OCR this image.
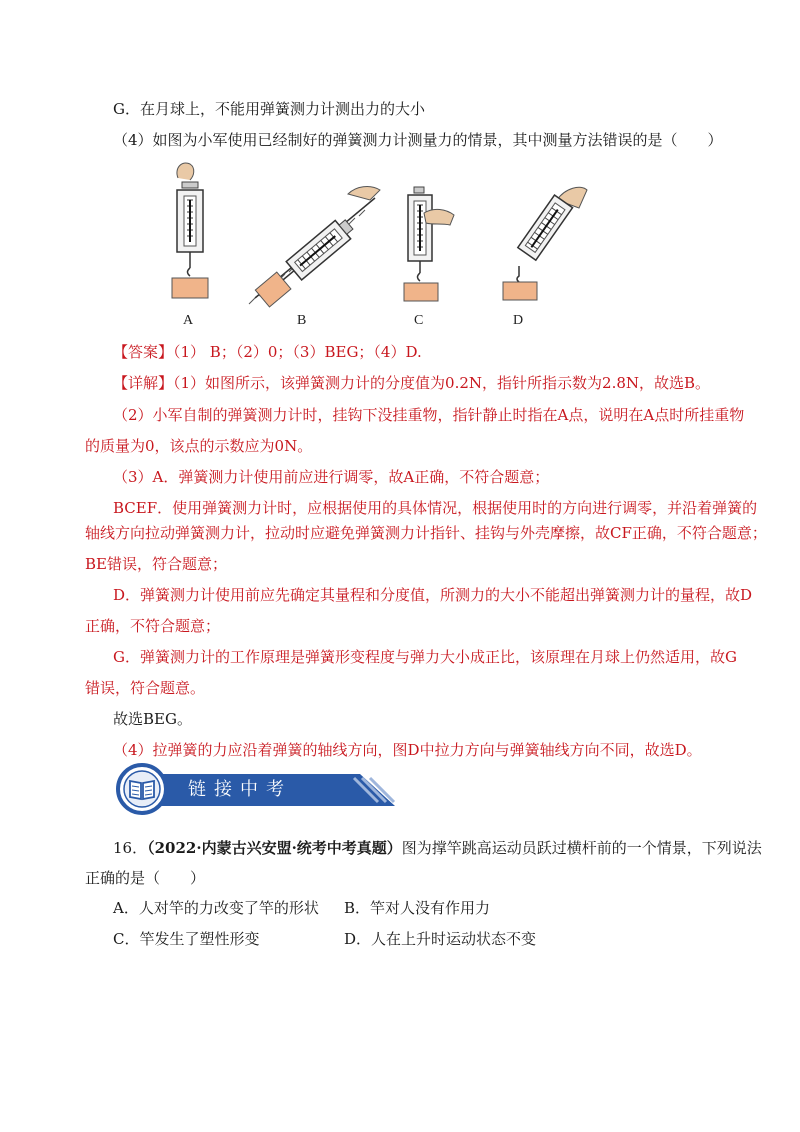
G．在月球上，不能用弹簧测力计测出力的大小
（4）如图为小军使用已经制好的弹簧测力计测量力的情景，其中测量方法错误的是（　　）
A	B	C	D
【答案】（1） B；（2）0；（3）BEG；（4）D.
【详解】（1）如图所示，该弹簧测力计的分度值为0.2N，指针所指示数为2.8N，故选B。
（2）小军自制的弹簧测力计时，挂钩下没挂重物，指针静止时指在A点，说明在A点时所挂重物
的质量为0，该点的示数应为0N。
（3）A．弹簧测力计使用前应进行调零，故A正确，不符合题意；
BCEF．使用弹簧测力计时，应根据使用的具体情况，根据使用时的方向进行调零，并沿着弹簧的
轴线方向拉动弹簧测力计，拉动时应避免弹簧测力计指针、挂钩与外壳摩擦，故CF正确，不符合题意；
BE错误，符合题意；
D．弹簧测力计使用前应先确定其量程和分度值，所测力的大小不能超出弹簧测力计的量程，故D
正确，不符合题意；
G．弹簧测力计的工作原理是弹簧形变程度与弹力大小成正比，该原理在月球上仍然适用，故G
错误，符合题意。
故选BEG。
（4）拉弹簧的力应沿着弹簧的轴线方向，图D中拉力方向与弹簧轴线方向不同，故选D。
链接中考
16．（2022·内蒙古兴安盟·统考中考真题）图为撑竿跳高运动员跃过横杆前的一个情景，下列说法
正确的是（　　）
A．人对竿的力改变了竿的形状 B．竿对人没有作用力
C．竿发生了塑性形变	D．人在上升时运动状态不变
